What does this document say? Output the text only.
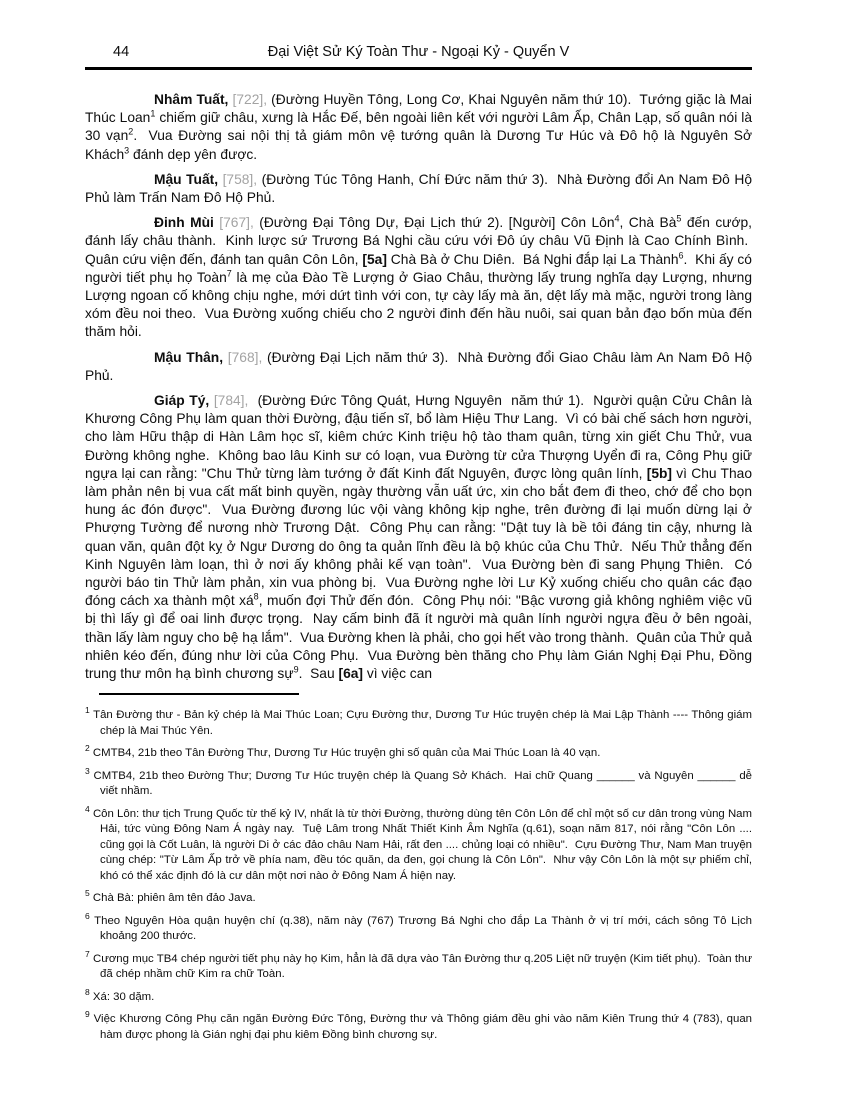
44	Đại Việt Sử Ký Toàn Thư - Ngoại Kỷ - Quyển V

Nhâm Tuất, [722], (Đường Huyền Tông, Long Cơ, Khai Nguyên năm thứ 10).  Tướng giặc là Mai Thúc Loan$^1$ chiếm giữ châu, xưng là Hắc Đế, bên ngoài liên kết với người Lâm Ấp, Chân Lạp, số quân nói là 30 vạn$^2$.  Vua Đường sai nội thị tả giám môn vệ tướng quân là Dương Tư Húc và Đô hộ là Nguyên Sở Khách$^3$ đánh dẹp yên được.

Mậu Tuất, [758], (Đường Túc Tông Hanh, Chí Đức năm thứ 3).  Nhà Đường đổi An Nam Đô Hộ Phủ làm Trấn Nam Đô Hộ Phủ.

Đinh Mùi [767], (Đường Đại Tông Dự, Đại Lịch thứ 2). [Người] Côn Lôn$^4$, Chà $Bà^5$ đến cướp, đánh lấy châu thành.  Kinh lược sứ Trương Bá Nghi cầu cứu với Đô úy châu Vũ Định là Cao Chính Bình.  Quân cứu viện đến, đánh tan quân Côn Lôn, [5a] Chà Bà ở Chu Diên.  Bá Nghi đắp lại La Thành$^6$.  Khi ấy có người tiết phụ họ Toàn$^7$ là mẹ của Đào Tề Lượng ở Giao Châu, thường lấy trung nghĩa dạy Lượng, nhưng Lượng ngoan cố không chịu nghe, mới dứt tình với con, tự cày lấy mà ăn, dệt lấy mà mặc, người trong làng xóm đều noi theo.  Vua Đường xuống chiếu cho 2 người đinh đến hầu nuôi, sai quan bản đạo bốn mùa đến thăm hỏi.

Mậu Thân, [768], (Đường Đại Lịch năm thứ 3).  Nhà Đường đổi Giao Châu làm An Nam Đô Hộ Phủ.

Giáp Tý, [784],  (Đường Đức Tông Quát, Hưng Nguyên  năm thứ 1).  Người quận Cửu Chân là Khương Công Phụ làm quan thời Đường, đậu tiến sĩ, bổ làm Hiệu Thư Lang.  Vì có bài chế sách hơn người, cho làm Hữu thập di Hàn Lâm học sĩ, kiêm chức Kinh triệu hộ tào tham quân, từng xin giết Chu Thử, vua Đường không nghe.  Không bao lâu Kinh sư có loạn, vua Đường từ cửa Thượng Uyển đi ra, Công Phụ giữ ngựa lại can rằng: "Chu Thử từng làm tướng ở đất Kinh đất Nguyên, được lòng quân lính, [5b] vì Chu Thao làm phản nên bị vua cất mất binh quyền, ngày thường vẫn uất ức, xin cho bắt đem đi theo, chớ để cho bọn hung ác đón được".  Vua Đường đương lúc vội vàng không kịp nghe, trên đường đi lại muốn dừng lại ở Phượng Tường để nương nhờ Trương Dật.  Công Phụ can rằng: "Dật tuy là bề tôi đáng tin cậy, nhưng là quan văn, quân đột kỵ ở Ngư Dương do ông ta quản lĩnh đều là bộ khúc của Chu Thử.  Nếu Thử thẳng đến Kinh Nguyên làm loạn, thì ở nơi ấy không phải kế vạn toàn".  Vua Đường bèn đi sang Phụng Thiên.  Có người báo tin Thử làm phản, xin vua phòng bị.  Vua Đường nghe lời Lư Kỷ xuống chiếu cho quân các đạo đóng cách xa thành một $xá^8$, muốn đợi Thử đến đón.  Công Phụ nói: "Bậc vương giả không nghiêm việc vũ bị thì lấy gì để oai linh được trọng.  Nay cấm binh đã ít người mà quân lính người ngựa đều ở bên ngoài, thần lấy làm nguy cho bệ hạ lắm".  Vua Đường khen là phải, cho gọi hết vào trong thành.  Quân của Thử quả nhiên kéo đến, đúng như lời của Công Phụ.  Vua Đường bèn thăng cho Phụ làm Gián Nghị Đại Phu, Đồng trung thư môn hạ bình chương sự$^9$.  Sau [6a] vì việc can

$^1$ Tân Đường thư - Bản kỷ chép là Mai Thúc Loan; Cựu Đường thư, Dương Tư Húc truyện chép là Mai Lập Thành ---- Thông giám chép là Mai Thúc Yên.
$^2$ CMTB4, 21b theo Tân Đường Thư, Dương Tư Húc truyện ghi số quân của Mai Thúc Loan là 40 vạn.
$^3$ CMTB4, 21b theo Đường Thư; Dương Tư Húc truyện chép là Quang Sở Khách.  Hai chữ Quang ______ và Nguyên ______ dễ viết nhầm.
$^4$ Côn Lôn: thư tịch Trung Quốc từ thế kỷ IV, nhất là từ thời Đường, thường dùng tên Côn Lôn để chỉ một số cư dân trong vùng Nam Hải, tức vùng Đông Nam Á ngày nay.  Tuệ Lâm trong Nhất Thiết Kinh Âm Nghĩa (q.61), soạn năm 817, nói rằng "Côn Lôn .... cũng gọi là Cốt Luân, là người Di ở các đảo châu Nam Hải, rất đen .... chủng loại có nhiều".  Cựu Đường Thư, Nam Man truyện cùng chép: "Từ Lâm Ấp trở về phía nam, đều tóc quăn, da đen, gọi chung là Côn Lôn".  Như vậy Côn Lôn là một sự phiếm chỉ, khó có thể xác định đó là cư dân một nơi nào ở Đông Nam Á hiện nay.
$^5$ Chà Bà: phiên âm tên đảo Java.
$^6$ Theo Nguyên Hòa quận huyện chí (q.38), năm này (767) Trương Bá Nghi cho đắp La Thành ở vị trí mới, cách sông Tô Lịch khoảng 200 thước.
$^7$ Cương mục TB4 chép người tiết phụ này họ Kim, hẳn là đã dựa vào Tân Đường thư q.205 Liệt nữ truyện (Kim tiết phụ).  Toàn thư đã chép nhầm chữ Kim ra chữ Toàn.
$^8$ Xá: 30 dặm.
$^9$ Việc Khương Công Phụ căn ngăn Đường Đức Tông, Đường thư và Thông giám đều ghi vào năm Kiên Trung thứ 4 (783), quan hàm được phong là Gián nghị đại phu kiêm Đồng bình chương sự.
